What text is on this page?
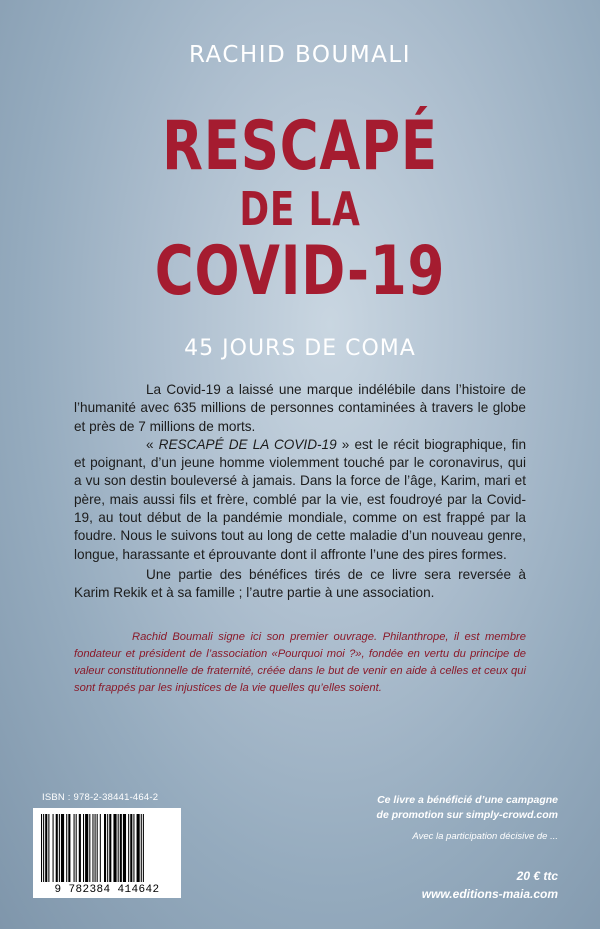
RACHID BOUMALI
RESCAPÉ
DE LA
COVID-19
45 JOURS DE COMA

La Covid-19 a laissé une marque indélébile dans l’histoire de l’humanité avec 635 millions de personnes contaminées à travers le globe et près de 7 millions de morts.

« RESCAPÉ DE LA COVID-19 » est le récit biographique, fin et poignant, d’un jeune homme violemment touché par le coronavirus, qui a vu son destin bouleversé à jamais. Dans la force de l’âge, Karim, mari et père, mais aussi fils et frère, comblé par la vie, est foudroyé par la Covid-19, au tout début de la pandémie mondiale, comme on est frappé par la foudre. Nous le suivons tout au long de cette maladie d’un nouveau genre, longue, harassante et éprouvante dont il affronte l’une des pires formes.

Une partie des bénéfices tirés de ce livre sera reversée à Karim Rekik et à sa famille ; l’autre partie à une association.

Rachid Boumali signe ici son premier ouvrage. Philanthrope, il est membre fondateur et président de l’association «Pourquoi moi ?», fondée en vertu du principe de valeur constitutionnelle de fraternité, créée dans le but de venir en aide à celles et ceux qui sont frappés par les injustices de la vie quelles qu’elles soient.

ISBN : 978-2-38441-464-2
9 782384 414642
Ce livre a bénéficié d’une campagne
de promotion sur simply-crowd.com
Avec la participation décisive de ...
20 € ttc
www.editions-maia.com
